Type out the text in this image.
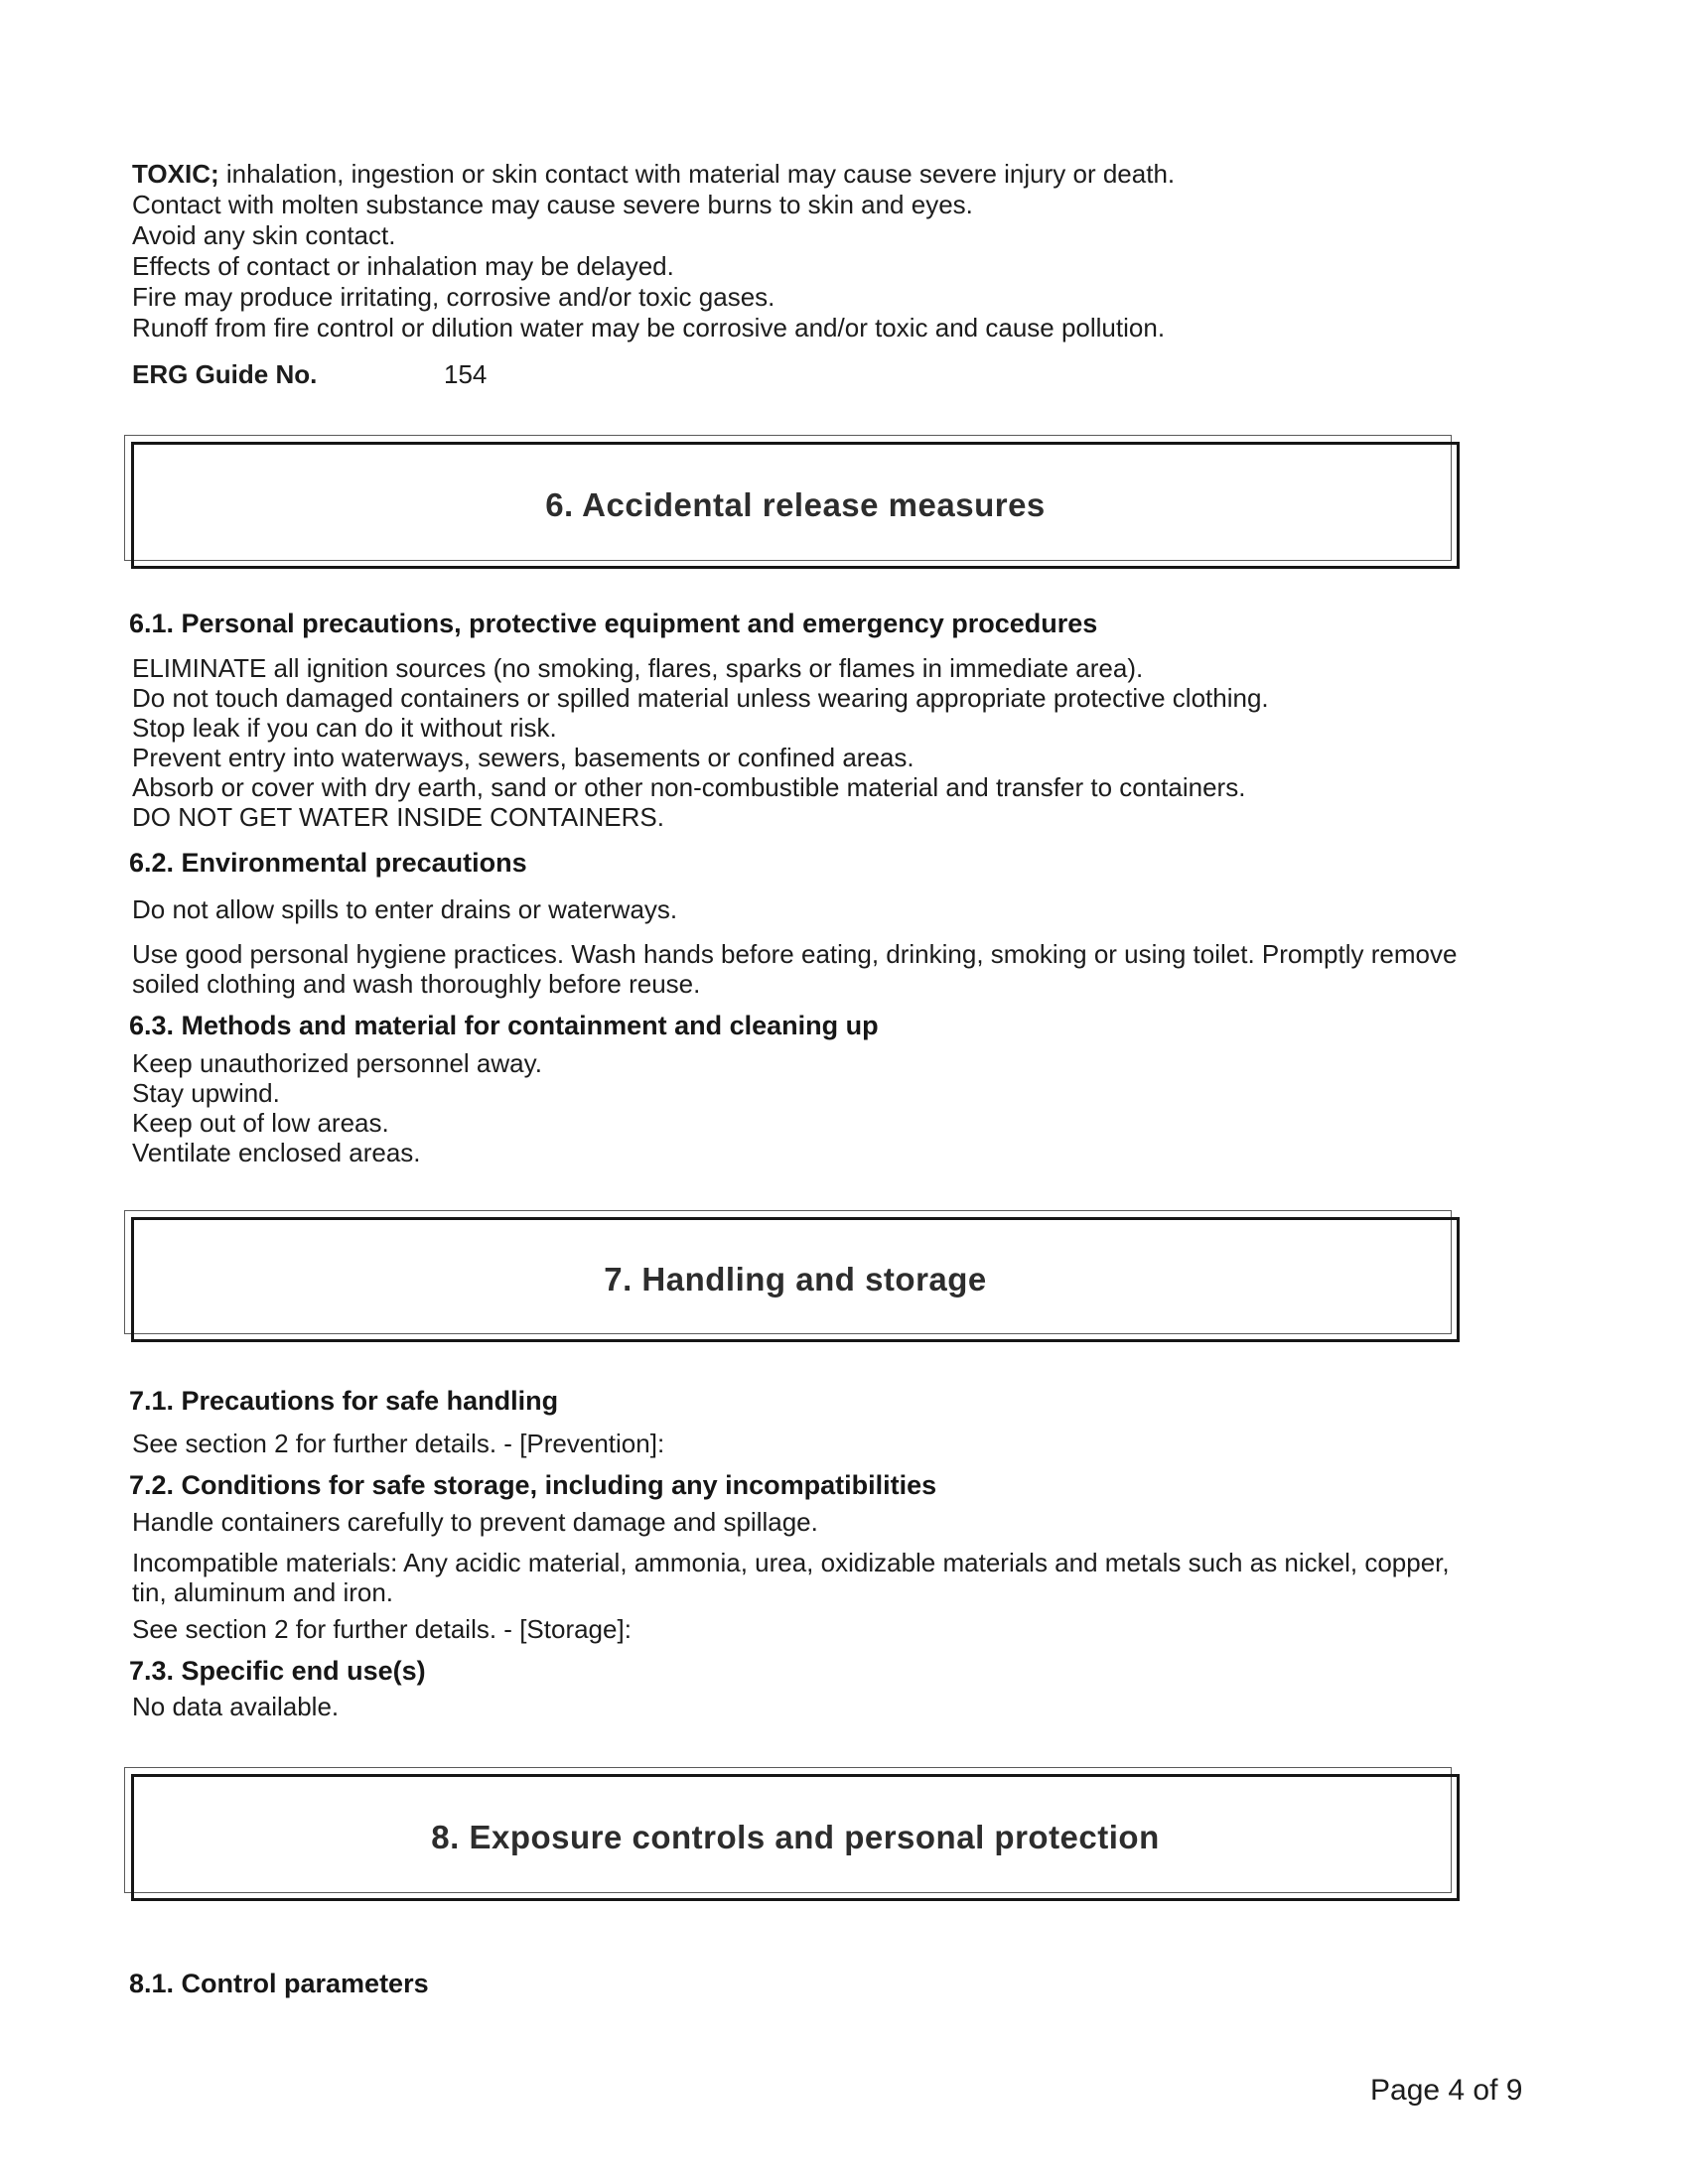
TOXIC; inhalation, ingestion or skin contact with material may cause severe injury or death.
Contact with molten substance may cause severe burns to skin and eyes.
Avoid any skin contact.
Effects of contact or inhalation may be delayed.
Fire may produce irritating, corrosive and/or toxic gases.
Runoff from fire control or dilution water may be corrosive and/or toxic and cause pollution.
ERG Guide No.	154
6. Accidental release measures
6.1. Personal precautions, protective equipment and emergency procedures
ELIMINATE all ignition sources (no smoking, flares, sparks or flames in immediate area).
Do not touch damaged containers or spilled material unless wearing appropriate protective clothing.
Stop leak if you can do it without risk.
Prevent entry into waterways, sewers, basements or confined areas.
Absorb or cover with dry earth, sand or other non-combustible material and transfer to containers.
DO NOT GET WATER INSIDE CONTAINERS.
6.2. Environmental precautions
Do not allow spills to enter drains or waterways.
Use good personal hygiene practices. Wash hands before eating, drinking, smoking or using toilet. Promptly remove
soiled clothing and wash thoroughly before reuse.
6.3. Methods and material for containment and cleaning up
Keep unauthorized personnel away.
Stay upwind.
Keep out of low areas.
Ventilate enclosed areas.
7. Handling and storage
7.1. Precautions for safe handling
See section 2 for further details. - [Prevention]:
7.2. Conditions for safe storage, including any incompatibilities
Handle containers carefully to prevent damage and spillage.
Incompatible materials: Any acidic material, ammonia, urea, oxidizable materials and metals such as nickel, copper,
tin, aluminum and iron.
See section 2 for further details. - [Storage]:
7.3. Specific end use(s)
No data available.
8. Exposure controls and personal protection
8.1. Control parameters
Page 4 of 9
